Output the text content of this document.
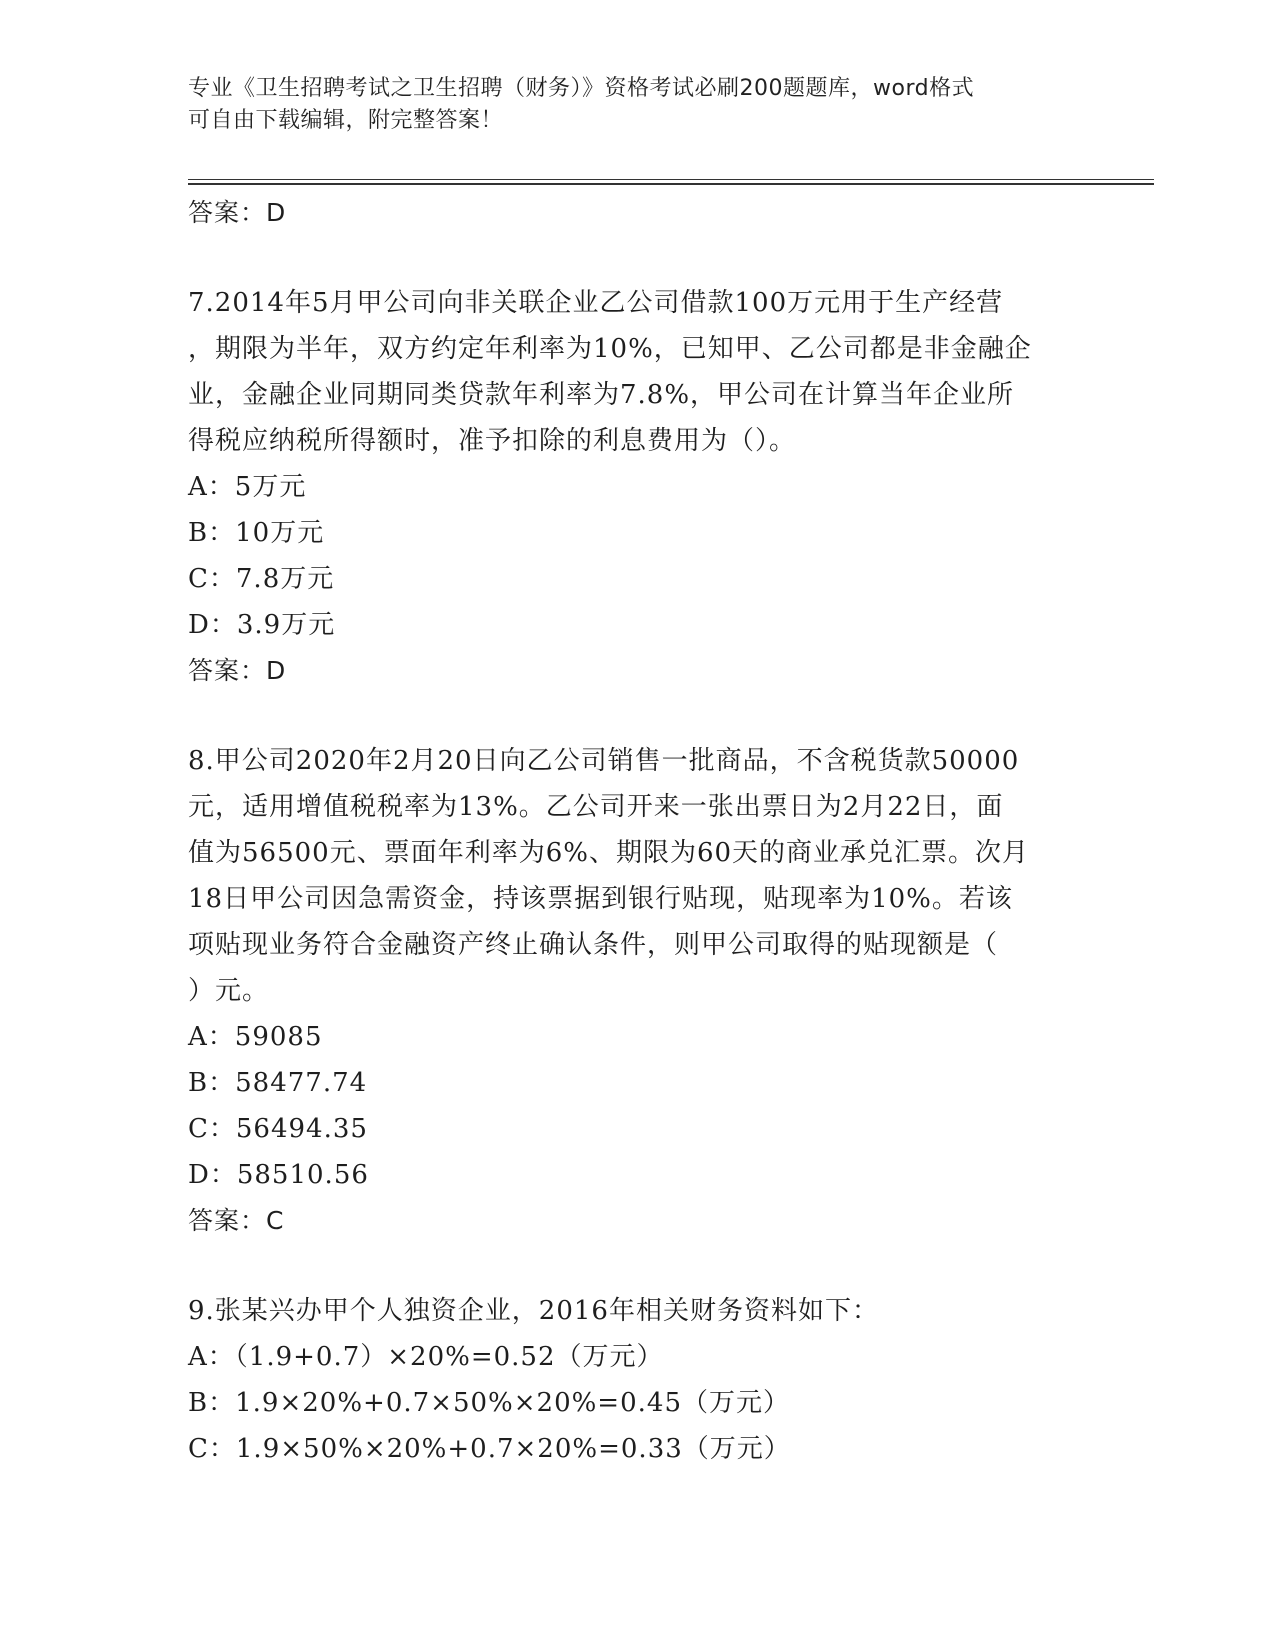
专业《卫生招聘考试之卫生招聘（财务）》资格考试必刷200题题库，word格式
可自由下载编辑，附完整答案！
答案：D
7.2014年5月甲公司向非关联企业乙公司借款100万元用于生产经营
，期限为半年，双方约定年利率为10%，已知甲、乙公司都是非金融企
业，金融企业同期同类贷款年利率为7.8%，甲公司在计算当年企业所
得税应纳税所得额时，准予扣除的利息费用为（）。
A：5万元
B：10万元
C：7.8万元
D：3.9万元
答案：D
8.甲公司2020年2月20日向乙公司销售一批商品，不含税货款50000
元，适用增值税税率为13%。乙公司开来一张出票日为2月22日，面
值为56500元、票面年利率为6%、期限为60天的商业承兑汇票。次月
18日甲公司因急需资金，持该票据到银行贴现，贴现率为10%。若该
项贴现业务符合金融资产终止确认条件，则甲公司取得的贴现额是（
）元。
A：59085
B：58477.74
C：56494.35
D：58510.56
答案：C
9.张某兴办甲个人独资企业，2016年相关财务资料如下：
A：（1.9+0.7）×20%=0.52（万元）
B：1.9×20%+0.7×50%×20%=0.45（万元）
C：1.9×50%×20%+0.7×20%=0.33（万元）
